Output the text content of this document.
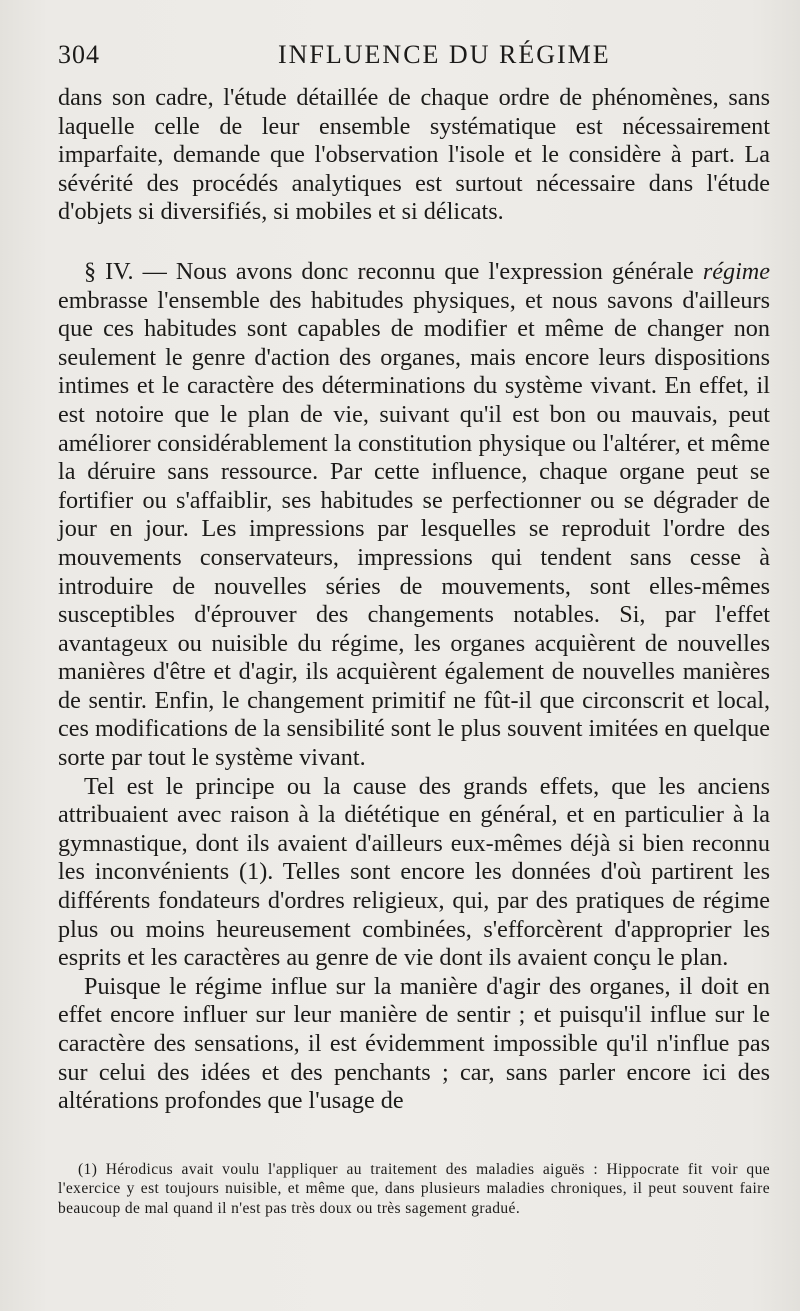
304	INFLUENCE DU RÉGIME

dans son cadre, l'étude détaillée de chaque ordre de phénomènes, sans laquelle celle de leur ensemble systématique est nécessairement imparfaite, demande que l'observation l'isole et le considère à part. La sévérité des procédés analytiques est surtout nécessaire dans l'étude d'objets si diversifiés, si mobiles et si délicats.

§ IV. — Nous avons donc reconnu que l'expression générale régime embrasse l'ensemble des habitudes physiques, et nous savons d'ailleurs que ces habitudes sont capables de modifier et même de changer non seulement le genre d'action des organes, mais encore leurs dispositions intimes et le caractère des déterminations du système vivant. En effet, il est notoire que le plan de vie, suivant qu'il est bon ou mauvais, peut améliorer considérablement la constitution physique ou l'altérer, et même la déruire sans ressource. Par cette influence, chaque organe peut se fortifier ou s'affaiblir, ses habitudes se perfectionner ou se dégrader de jour en jour. Les impressions par lesquelles se reproduit l'ordre des mouvements conservateurs, impressions qui tendent sans cesse à introduire de nouvelles séries de mouvements, sont elles-mêmes susceptibles d'éprouver des changements notables. Si, par l'effet avantageux ou nuisible du régime, les organes acquièrent de nouvelles manières d'être et d'agir, ils acquièrent également de nouvelles manières de sentir. Enfin, le changement primitif ne fût-il que circonscrit et local, ces modifications de la sensibilité sont le plus souvent imitées en quelque sorte par tout le système vivant.

Tel est le principe ou la cause des grands effets, que les anciens attribuaient avec raison à la diététique en général, et en particulier à la gymnastique, dont ils avaient d'ailleurs eux-mêmes déjà si bien reconnu les inconvénients (1). Telles sont encore les données d'où partirent les différents fondateurs d'ordres religieux, qui, par des pratiques de régime plus ou moins heureusement combinées, s'efforcèrent d'approprier les esprits et les caractères au genre de vie dont ils avaient conçu le plan.

Puisque le régime influe sur la manière d'agir des organes, il doit en effet encore influer sur leur manière de sentir ; et puisqu'il influe sur le caractère des sensations, il est évidemment impossible qu'il n'influe pas sur celui des idées et des penchants ; car, sans parler encore ici des altérations profondes que l'usage de

(1) Hérodicus avait voulu l'appliquer au traitement des maladies aiguës : Hippocrate fit voir que l'exercice y est toujours nuisible, et même que, dans plusieurs maladies chroniques, il peut souvent faire beaucoup de mal quand il n'est pas très doux ou très sagement gradué.
